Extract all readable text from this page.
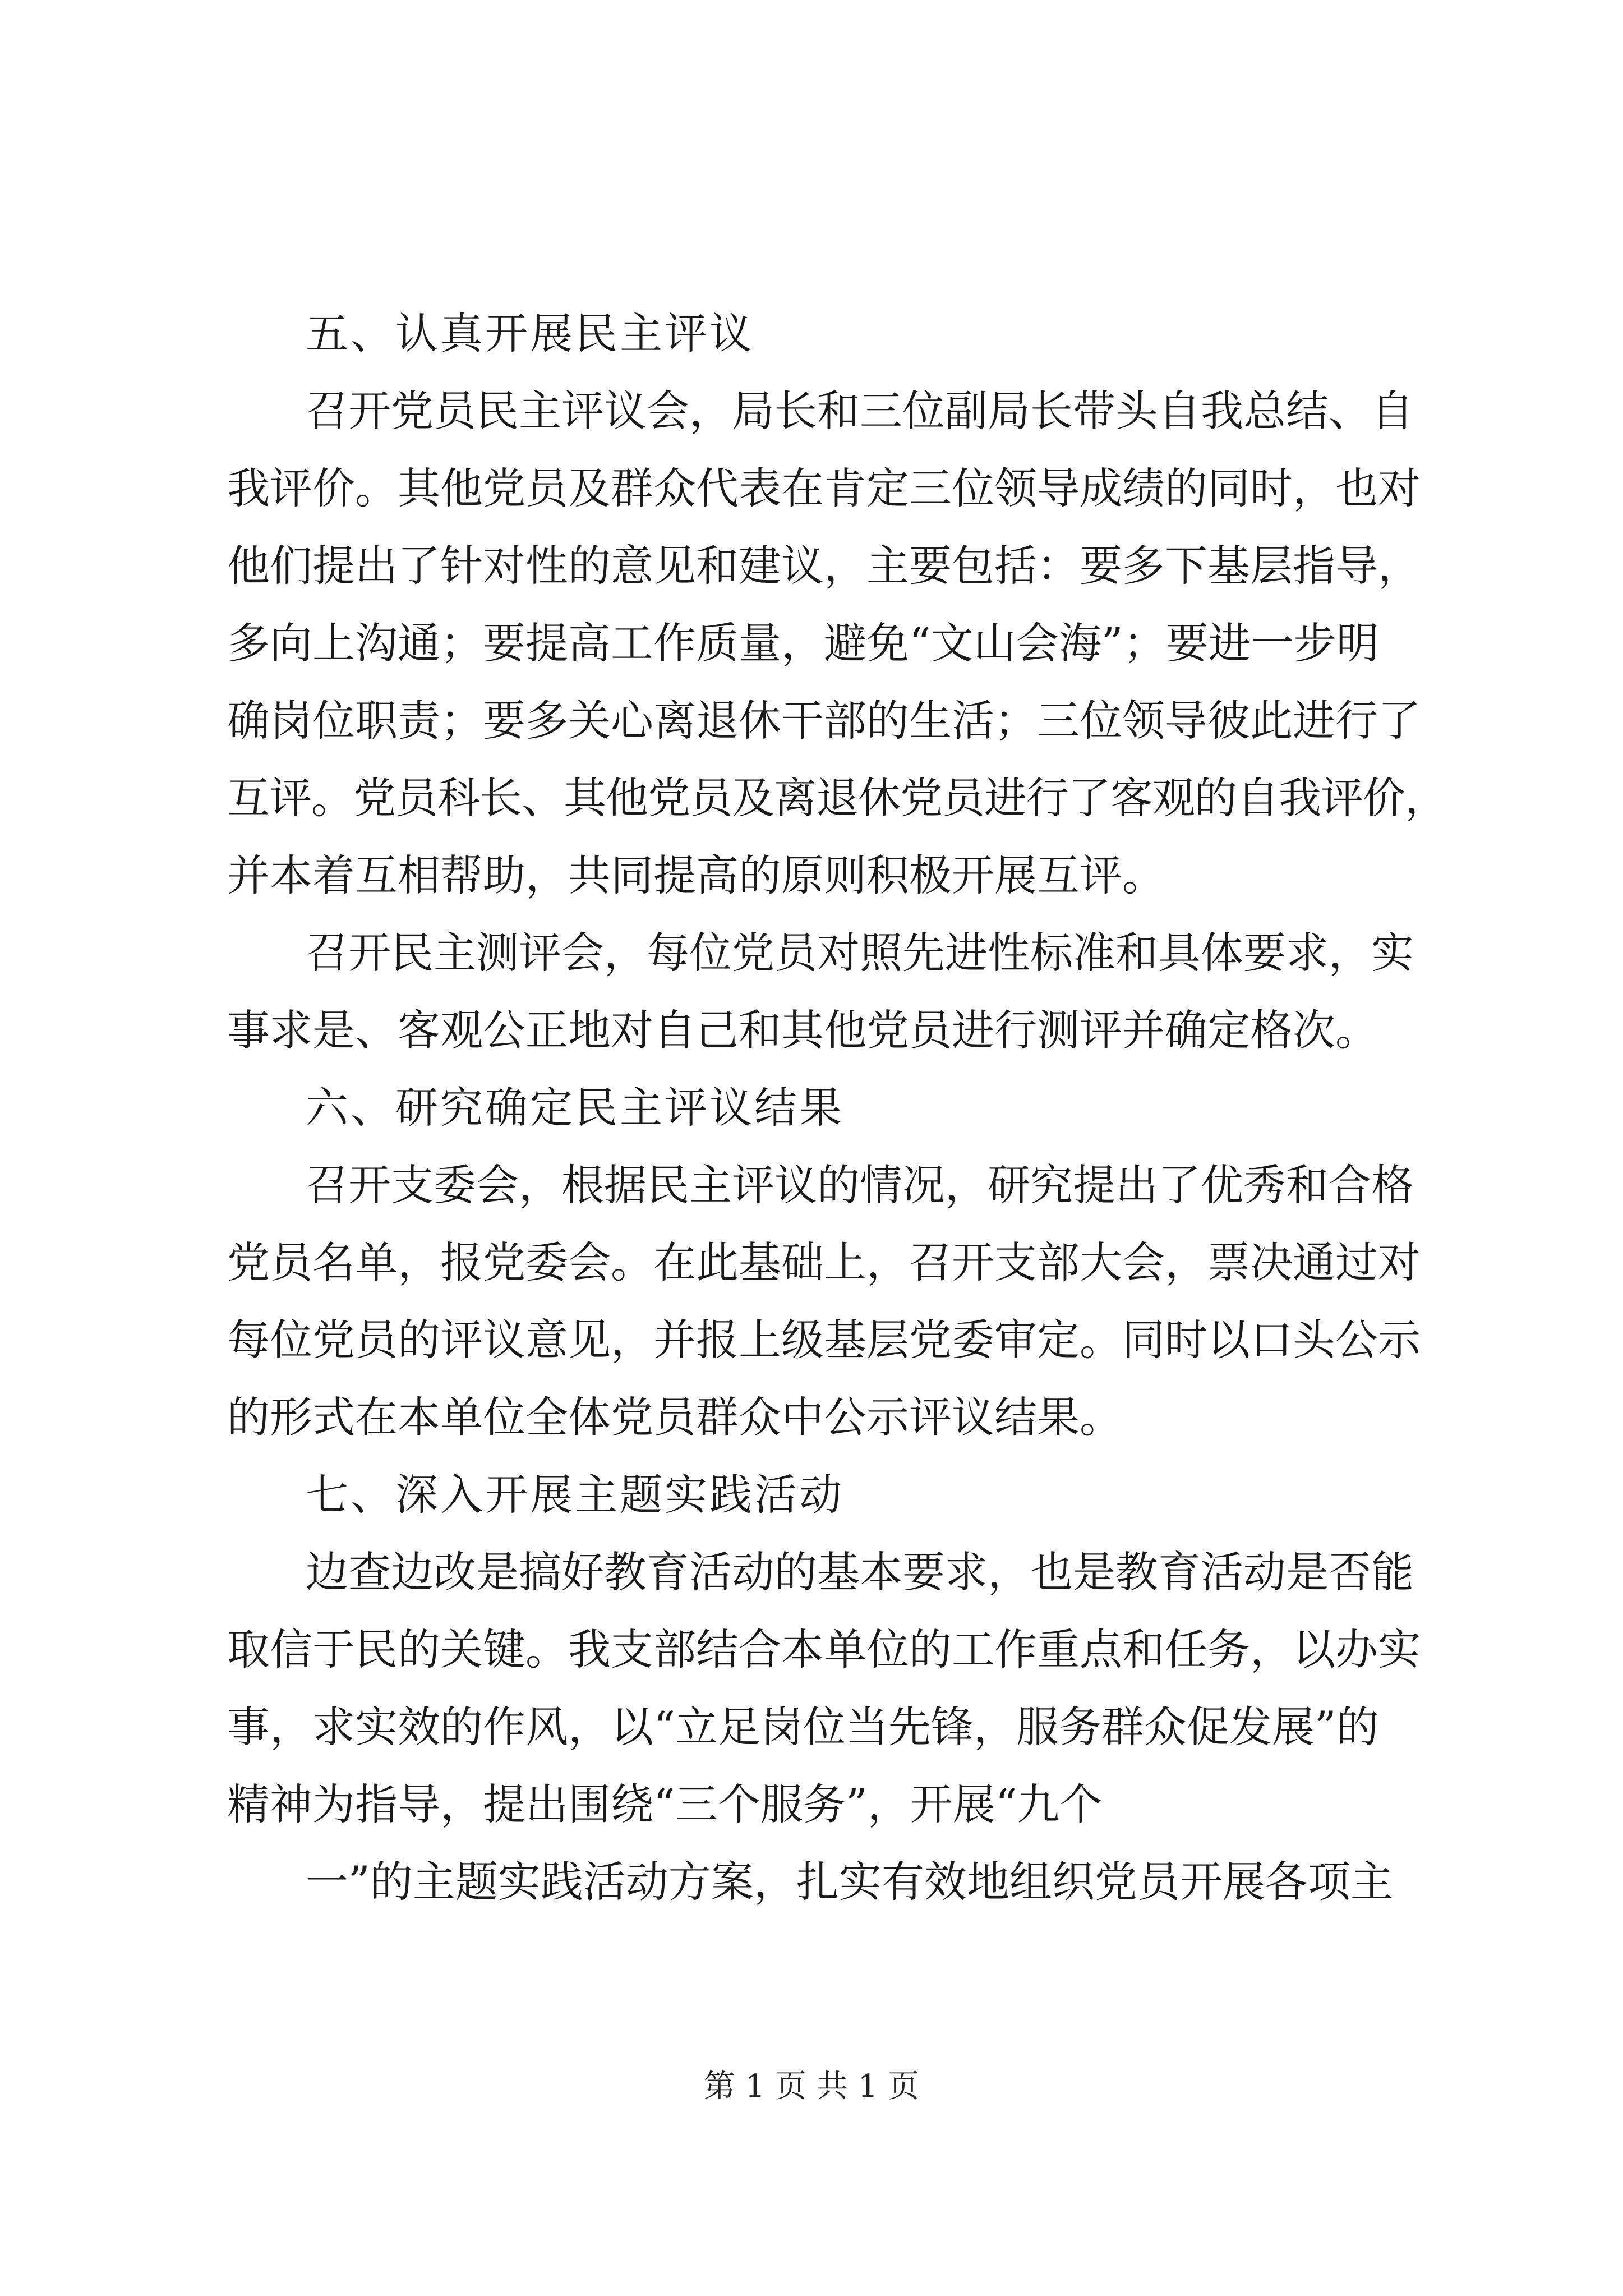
五、认真开展民主评议
召开党员民主评议会，局长和三位副局长带头自我总结、自
我评价。其他党员及群众代表在肯定三位领导成绩的同时，也对
他们提出了针对性的意见和建议，主要包括：要多下基层指导，
多向上沟通；要提高工作质量，避免“文山会海”；要进一步明
确岗位职责；要多关心离退休干部的生活；三位领导彼此进行了
互评。党员科长、其他党员及离退休党员进行了客观的自我评价，
并本着互相帮助，共同提高的原则积极开展互评。
召开民主测评会，每位党员对照先进性标准和具体要求，实
事求是、客观公正地对自己和其他党员进行测评并确定格次。
六、研究确定民主评议结果
召开支委会，根据民主评议的情况，研究提出了优秀和合格
党员名单，报党委会。在此基础上，召开支部大会，票决通过对
每位党员的评议意见，并报上级基层党委审定。同时以口头公示
的形式在本单位全体党员群众中公示评议结果。
七、深入开展主题实践活动
边查边改是搞好教育活动的基本要求，也是教育活动是否能
取信于民的关键。我支部结合本单位的工作重点和任务，以办实
事，求实效的作风，以“立足岗位当先锋，服务群众促发展”的
精神为指导，提出围绕“三个服务”，开展“九个
一”的主题实践活动方案，扎实有效地组织党员开展各项主
第 1 页 共 1 页
